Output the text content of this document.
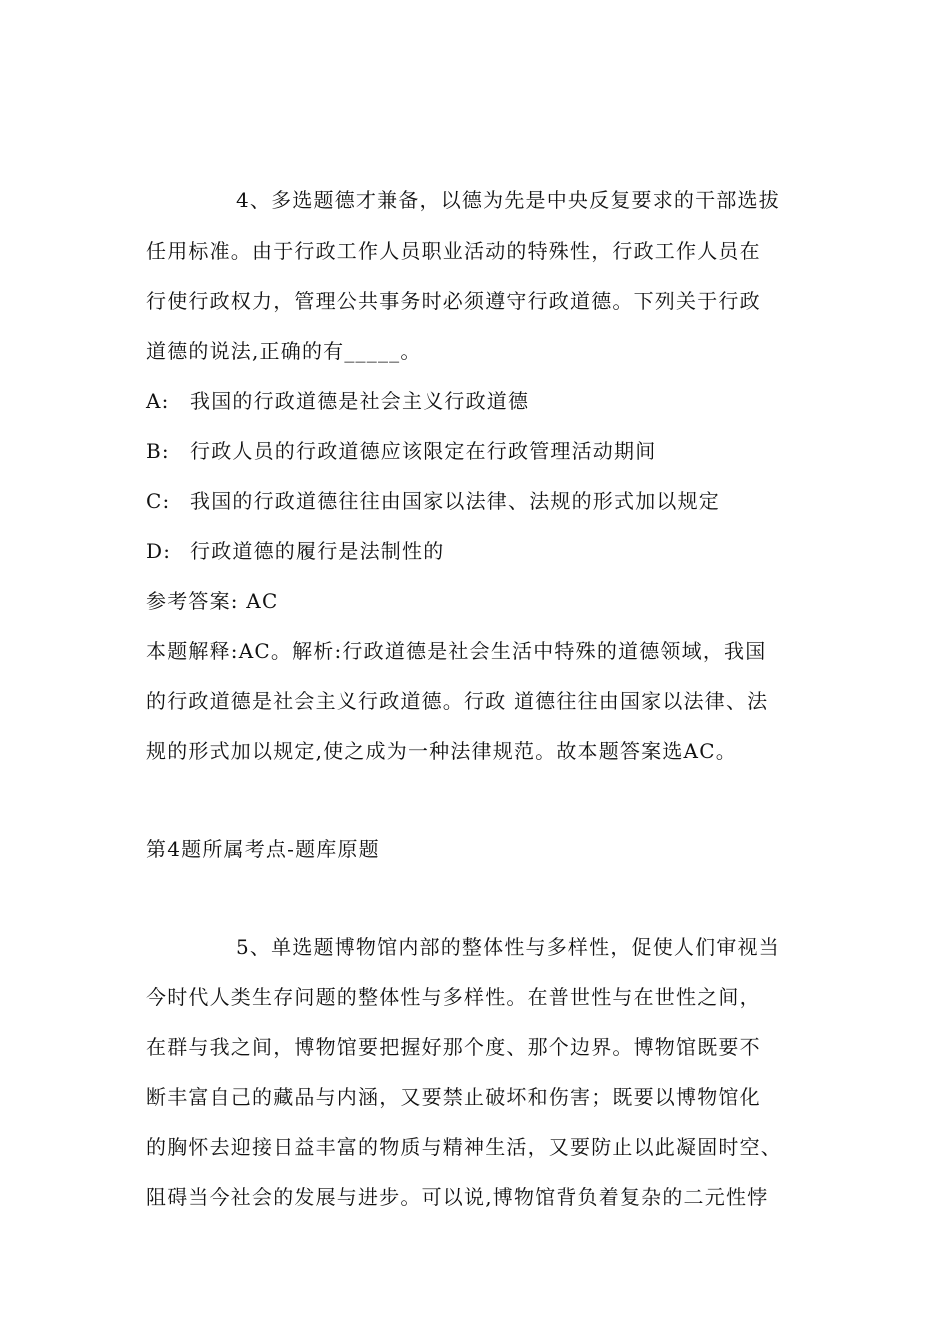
4、多选题德才兼备，以德为先是中央反复要求的干部选拔
任用标准。由于行政工作人员职业活动的特殊性，行政工作人员在
行使行政权力，管理公共事务时必须遵守行政道德。下列关于行政
道德的说法,正确的有_____。
A: 我国的行政道德是社会主义行政道德
B: 行政人员的行政道德应该限定在行政管理活动期间
C: 我国的行政道德往往由国家以法律、法规的形式加以规定
D: 行政道德的履行是法制性的
参考答案: AC
本题解释:AC。解析:行政道德是社会生活中特殊的道德领域，我国
的行政道德是社会主义行政道德。行政 道德往往由国家以法律、法
规的形式加以规定,使之成为一种法律规范。故本题答案选AC。
第4题所属考点-题库原题
5、单选题博物馆内部的整体性与多样性，促使人们审视当
今时代人类生存问题的整体性与多样性。在普世性与在世性之间，
在群与我之间，博物馆要把握好那个度、那个边界。博物馆既要不
断丰富自己的藏品与内涵，又要禁止破坏和伤害；既要以博物馆化
的胸怀去迎接日益丰富的物质与精神生活，又要防止以此凝固时空、
阻碍当今社会的发展与进步。可以说,博物馆背负着复杂的二元性悖
